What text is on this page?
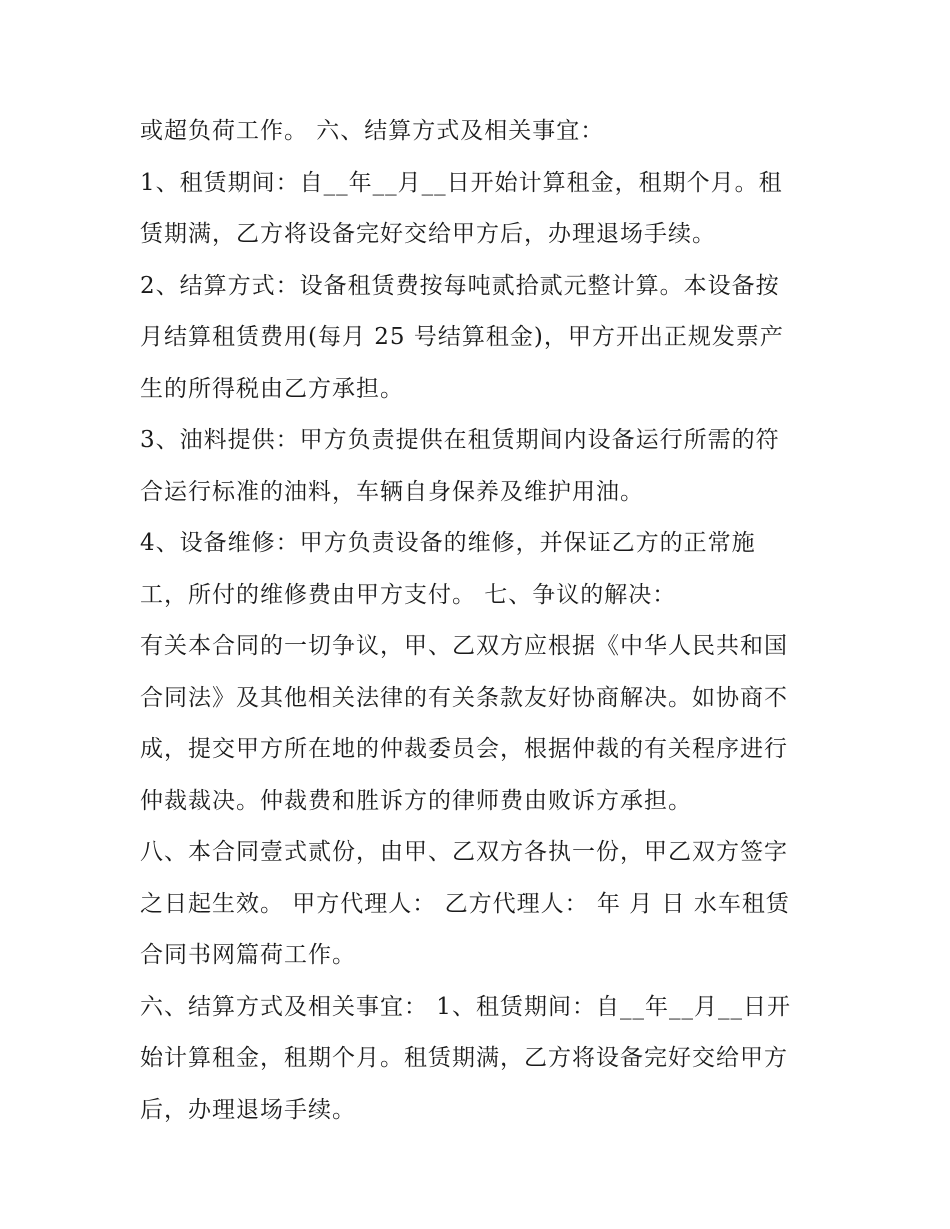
或超负荷工作。 六、结算方式及相关事宜：
1、租赁期间：自__年__月__日开始计算租金，租期个月。租
赁期满，乙方将设备完好交给甲方后，办理退场手续。
2、结算方式：设备租赁费按每吨贰拾贰元整计算。本设备按
月结算租赁费用(每月 25 号结算租金)，甲方开出正规发票产
生的所得税由乙方承担。
3、油料提供：甲方负责提供在租赁期间内设备运行所需的符
合运行标准的油料，车辆自身保养及维护用油。
4、设备维修：甲方负责设备的维修，并保证乙方的正常施
工，所付的维修费由甲方支付。 七、争议的解决：
有关本合同的一切争议，甲、乙双方应根据《中华人民共和国
合同法》及其他相关法律的有关条款友好协商解决。如协商不
成，提交甲方所在地的仲裁委员会，根据仲裁的有关程序进行
仲裁裁决。仲裁费和胜诉方的律师费由败诉方承担。
八、本合同壹式贰份，由甲、乙双方各执一份，甲乙双方签字
之日起生效。 甲方代理人： 乙方代理人： 年 月 日 水车租赁
合同书网篇荷工作。
六、结算方式及相关事宜： 1、租赁期间：自__年__月__日开
始计算租金，租期个月。租赁期满，乙方将设备完好交给甲方
后，办理退场手续。
